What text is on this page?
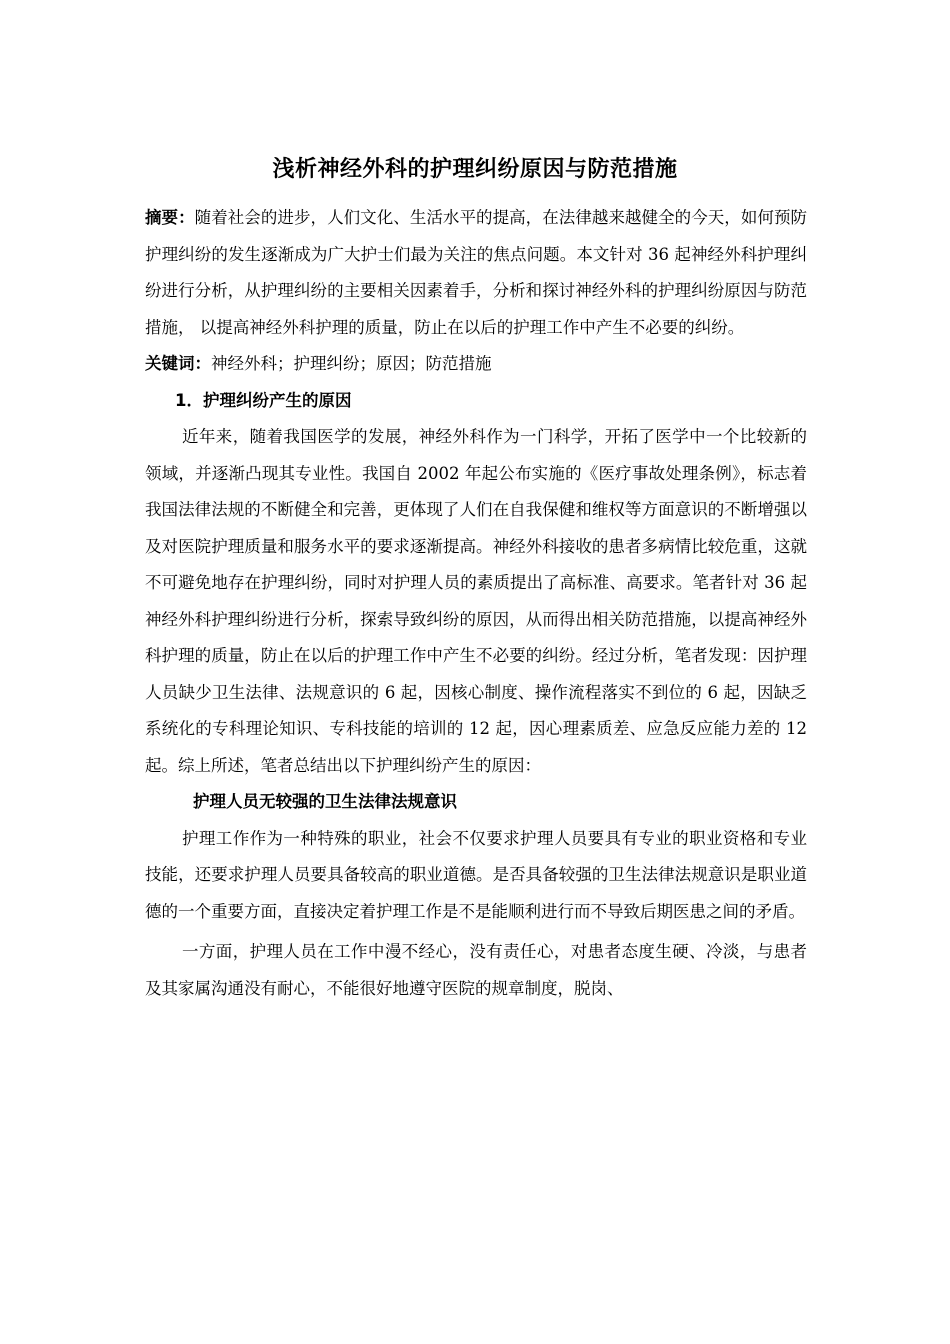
浅析神经外科的护理纠纷原因与防范措施

摘要：随着社会的进步，人们文化、生活水平的提高，在法律越来越健全的今天，如何预防护理纠纷的发生逐渐成为广大护士们最为关注的焦点问题。本文针对 36 起神经外科护理纠纷进行分析，从护理纠纷的主要相关因素着手，分析和探讨神经外科的护理纠纷原因与防范措施， 以提高神经外科护理的质量，防止在以后的护理工作中产生不必要的纠纷。

关键词：神经外科；护理纠纷；原因；防范措施

1．护理纠纷产生的原因

近年来，随着我国医学的发展，神经外科作为一门科学，开拓了医学中一个比较新的领域，并逐渐凸现其专业性。我国自 2002 年起公布实施的《医疗事故处理条例》，标志着我国法律法规的不断健全和完善，更体现了人们在自我保健和维权等方面意识的不断增强以及对医院护理质量和服务水平的要求逐渐提高。神经外科接收的患者多病情比较危重，这就不可避免地存在护理纠纷，同时对护理人员的素质提出了高标准、高要求。笔者针对 36 起神经外科护理纠纷进行分析，探索导致纠纷的原因，从而得出相关防范措施，以提高神经外科护理的质量，防止在以后的护理工作中产生不必要的纠纷。经过分析，笔者发现：因护理人员缺少卫生法律、法规意识的 6 起，因核心制度、操作流程落实不到位的 6 起，因缺乏系统化的专科理论知识、专科技能的培训的 12 起，因心理素质差、应急反应能力差的 12 起。综上所述，笔者总结出以下护理纠纷产生的原因：

护理人员无较强的卫生法律法规意识

护理工作作为一种特殊的职业，社会不仅要求护理人员要具有专业的职业资格和专业技能，还要求护理人员要具备较高的职业道德。是否具备较强的卫生法律法规意识是职业道德的一个重要方面，直接决定着护理工作是不是能顺利进行而不导致后期医患之间的矛盾。

一方面，护理人员在工作中漫不经心，没有责任心，对患者态度生硬、冷淡，与患者及其家属沟通没有耐心，不能很好地遵守医院的规章制度，脱岗、
